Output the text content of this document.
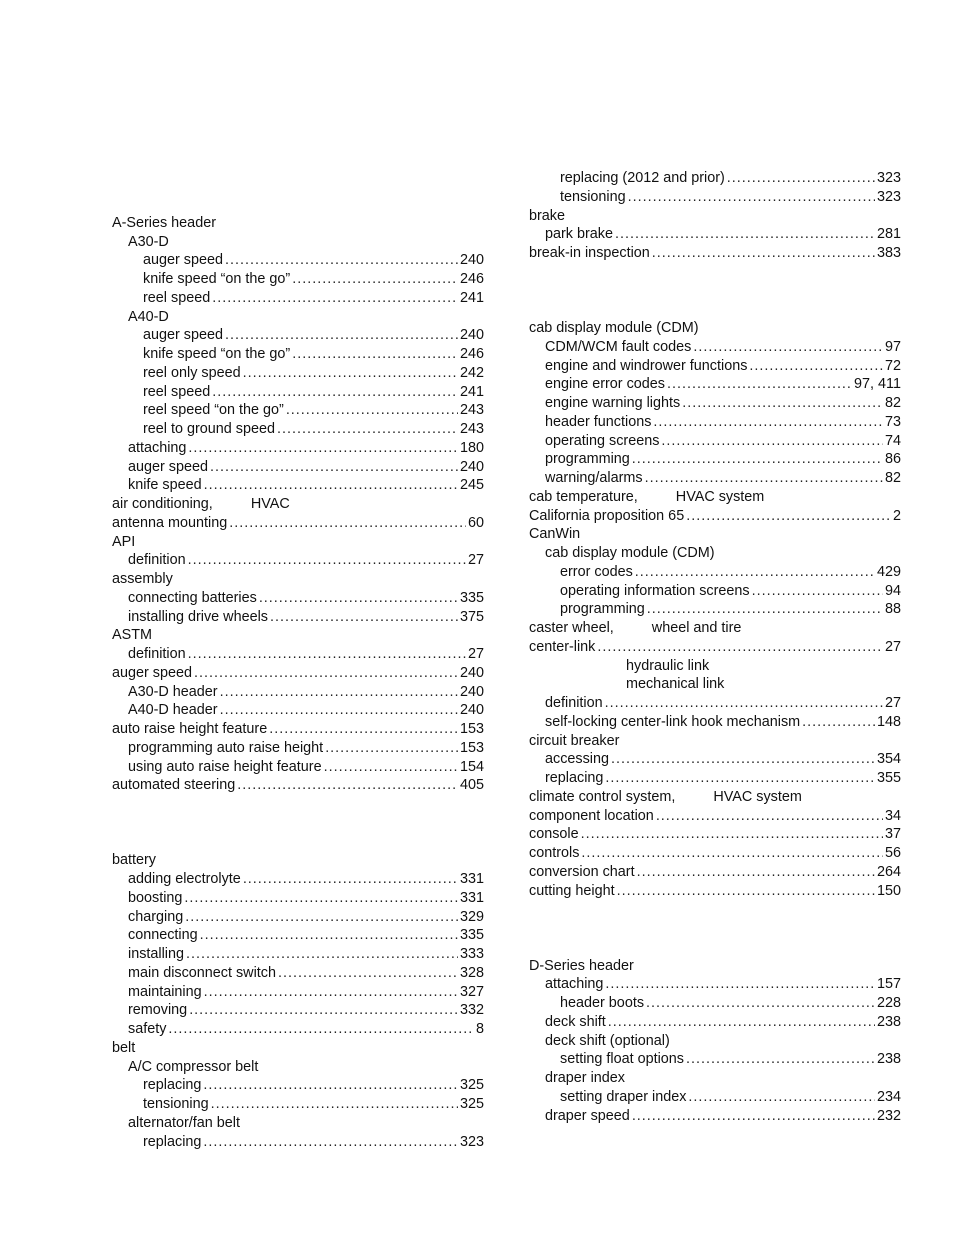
A-Series header
A30-D
auger speed .....	240
knife speed “on the go” .....	246
reel speed .....	241
A40-D
auger speed .....	240
knife speed “on the go” .....	246
reel only speed .....	242
reel speed .....	241
reel speed “on the go” .....	243
reel to ground speed .....	243
attaching .....	180
auger speed .....	240
knife speed .....	245
air conditioning,	HVAC
antenna mounting .....	60
API
definition .....	27
assembly
connecting batteries .....	335
installing drive wheels .....	375
ASTM
definition .....	27
auger speed .....	240
A30-D header .....	240
A40-D header .....	240
auto raise height feature .....	153
programming auto raise height .....	153
using auto raise height feature .....	154
automated steering .....	405
battery
adding electrolyte .....	331
boosting .....	331
charging .....	329
connecting .....	335
installing .....	333
main disconnect switch .....	328
maintaining .....	327
removing .....	332
safety .....	8
belt
A/C compressor belt
replacing .....	325
tensioning .....	325
alternator/fan belt
replacing .....	323
replacing (2012 and prior) .....	323
tensioning .....	323
brake
park brake .....	281
break-in inspection .....	383
cab display module (CDM)
CDM/WCM fault codes .....	97
engine and windrower functions .....	72
engine error codes .....	97, 411
engine warning lights .....	82
header functions .....	73
operating screens .....	74
programming .....	86
warning/alarms .....	82
cab temperature,	HVAC system
California proposition 65 .....	2
CanWin
cab display module (CDM)
error codes .....	429
operating information screens .....	94
programming .....	88
caster wheel,	wheel and tire
center-link .....	27
hydraulic link
mechanical link
definition .....	27
self-locking center-link hook mechanism .....	148
circuit breaker
accessing .....	354
replacing .....	355
climate control system,	HVAC system
component location .....	34
console .....	37
controls .....	56
conversion chart .....	264
cutting height .....	150
D-Series header
attaching .....	157
header boots .....	228
deck shift .....	238
deck shift (optional)
setting float options .....	238
draper index
setting draper index .....	234
draper speed .....	232
